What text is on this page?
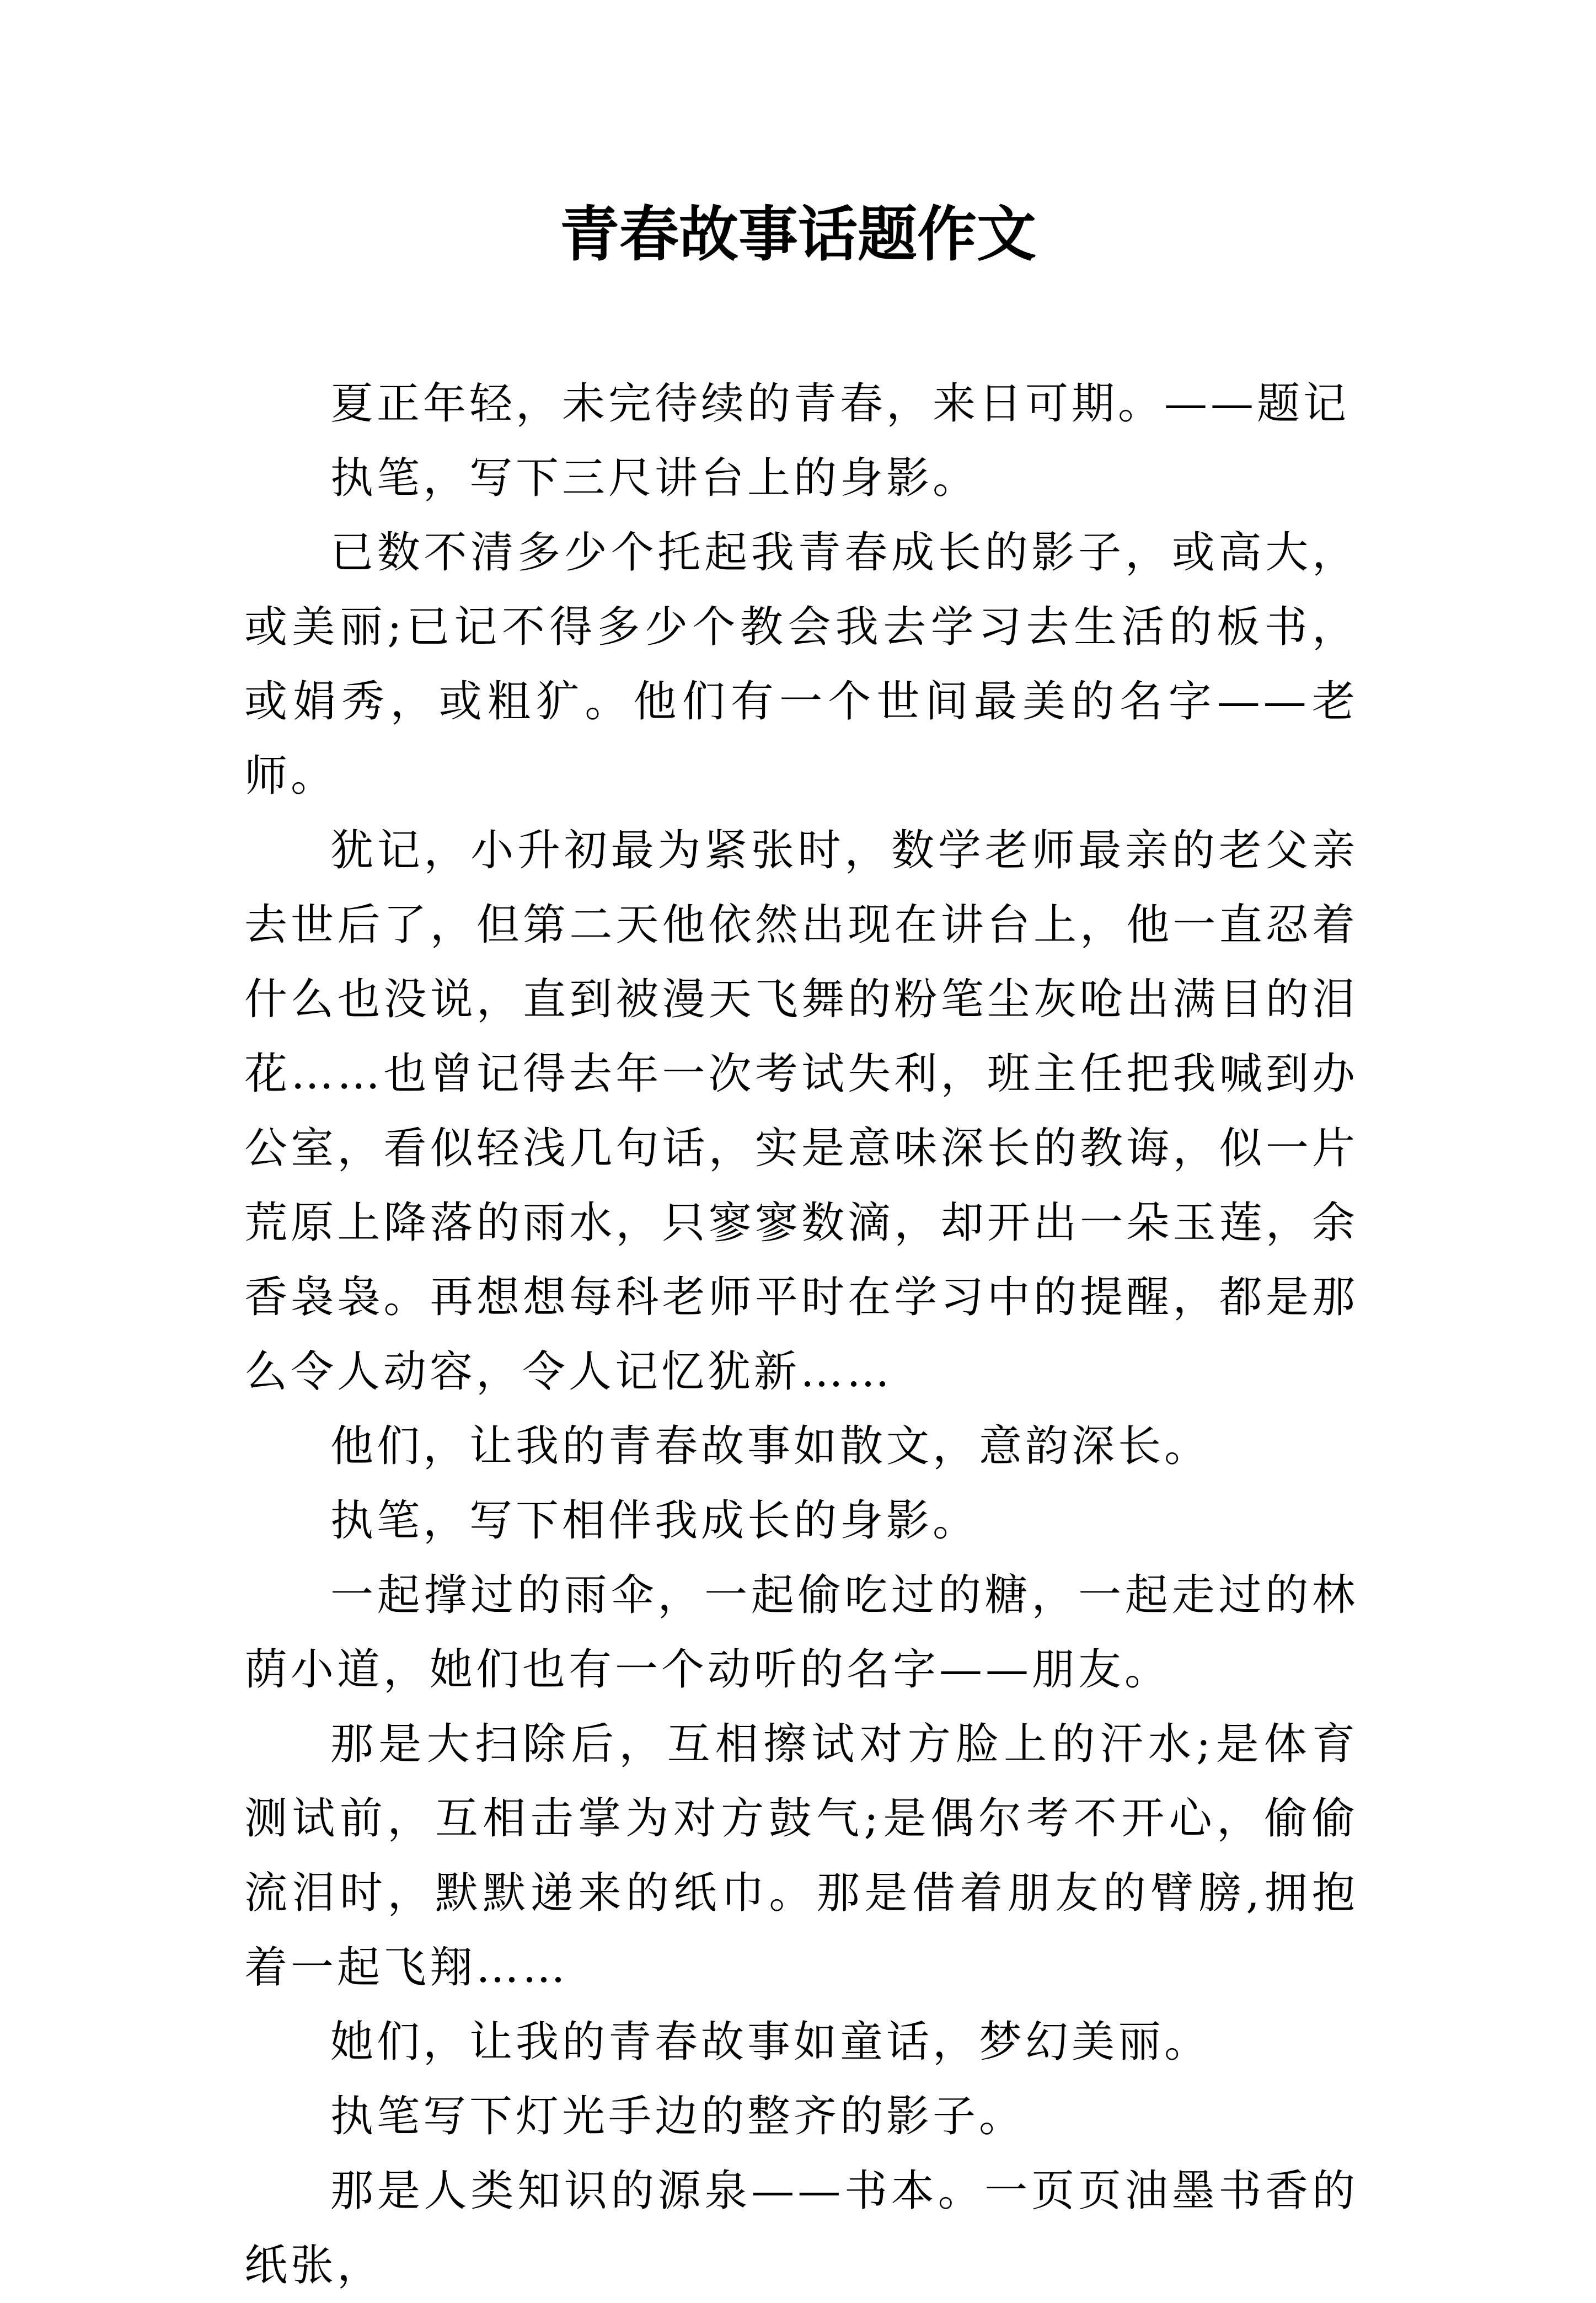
青春故事话题作文

夏正年轻，未完待续的青春，来日可期。——题记

执笔，写下三尺讲台上的身影。

已数不清多少个托起我青春成长的影子，或高大，或美丽;已记不得多少个教会我去学习去生活的板书，或娟秀，或粗犷。他们有一个世间最美的名字——老师。

犹记，小升初最为紧张时，数学老师最亲的老父亲去世后了，但第二天他依然出现在讲台上，他一直忍着什么也没说，直到被漫天飞舞的粉笔尘灰呛出满目的泪花……也曾记得去年一次考试失利，班主任把我喊到办公室，看似轻浅几句话，实是意味深长的教诲，似一片荒原上降落的雨水，只寥寥数滴，却开出一朵玉莲，余香袅袅。再想想每科老师平时在学习中的提醒，都是那么令人动容，令人记忆犹新……

他们，让我的青春故事如散文，意韵深长。

执笔，写下相伴我成长的身影。

一起撑过的雨伞，一起偷吃过的糖，一起走过的林荫小道，她们也有一个动听的名字——朋友。

那是大扫除后，互相擦试对方脸上的汗水;是体育测试前，互相击掌为对方鼓气;是偶尔考不开心，偷偷流泪时，默默递来的纸巾。那是借着朋友的臂膀,拥抱着一起飞翔……

她们，让我的青春故事如童话，梦幻美丽。

执笔写下灯光手边的整齐的影子。

那是人类知识的源泉——书本。一页页油墨书香的纸张，
